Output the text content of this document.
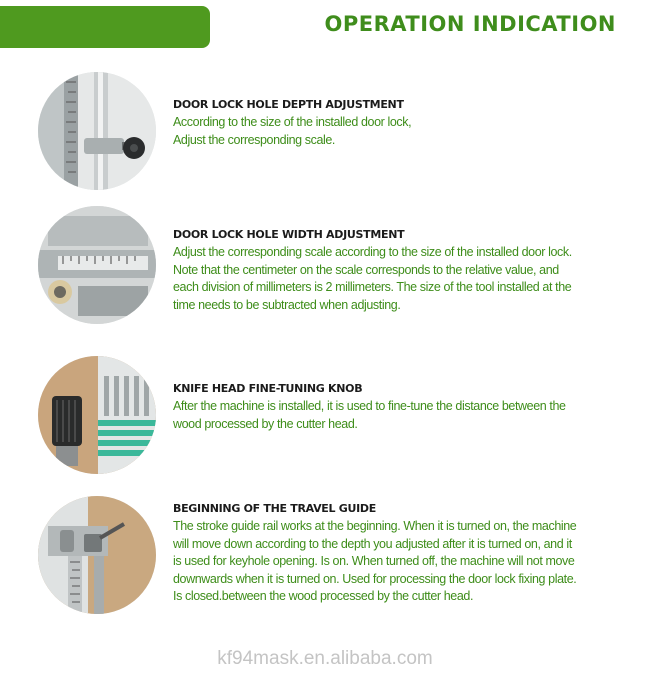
OPERATION INDICATION
DOOR LOCK HOLE DEPTH ADJUSTMENT
According to the size of the installed door lock,
Adjust the corresponding scale.
DOOR LOCK HOLE WIDTH ADJUSTMENT
Adjust the corresponding scale according to the size of the installed door lock.
Note that the centimeter on the scale corresponds to the relative value, and
each division of millimeters is 2 millimeters. The size of the tool installed at the
time needs to be subtracted when adjusting.
KNIFE HEAD FINE-TUNING KNOB
After the machine is installed, it is used to fine-tune the distance between the
wood processed by the cutter head.
BEGINNING OF THE TRAVEL GUIDE
The stroke guide rail works at the beginning. When it is turned on, the machine
will move down according to the depth you adjusted after it is turned on, and it
is used for keyhole opening. Is on. When turned off, the machine will not move
downwards when it is turned on. Used for processing the door lock fixing plate.
Is closed.between the wood processed by the cutter head.
kf94mask.en.alibaba.com
